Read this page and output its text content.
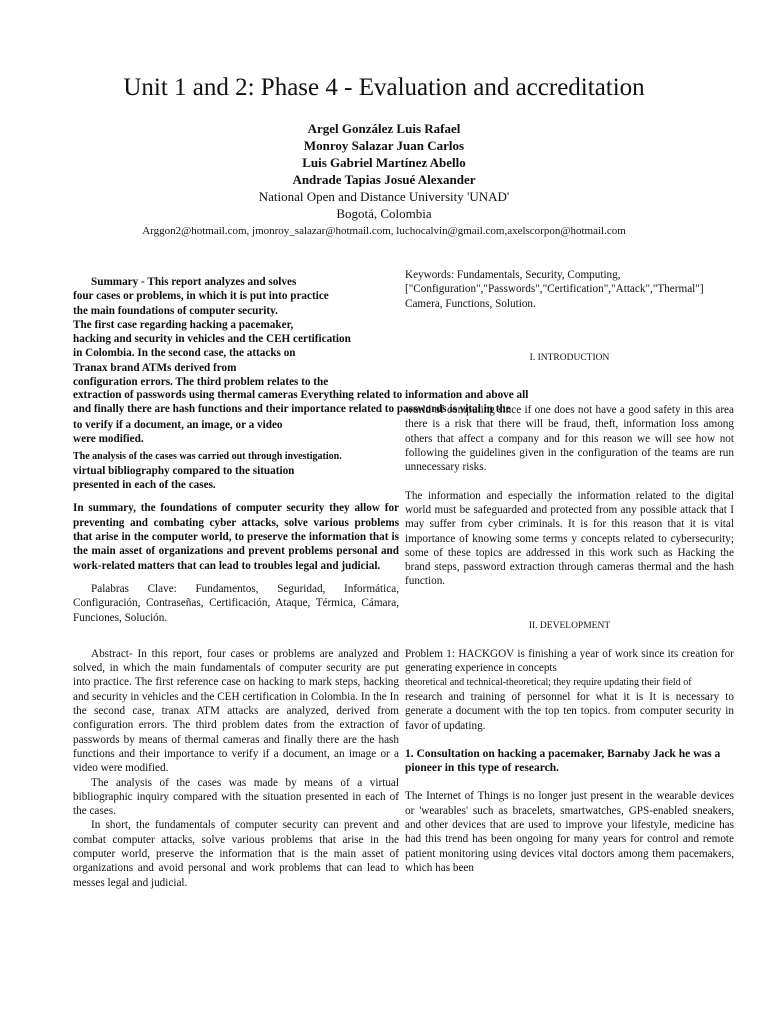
Unit 1 and 2: Phase 4 - Evaluation and accreditation
Argel González Luis Rafael
Monroy Salazar Juan Carlos
Luis Gabriel Martínez Abello
Andrade Tapias Josué Alexander
National Open and Distance University 'UNAD'
Bogotá, Colombia
Arggon2@hotmail.com, jmonroy_salazar@hotmail.com, luchocalvin@gmail.com,axelscorpon@hotmail.com
Summary - This report analyzes and solves
four cases or problems, in which it is put into practice
the main foundations of computer security.
The first case regarding hacking a pacemaker,
hacking and security in vehicles and the CEH certification
in Colombia. In the second case, the attacks on
Tranax brand ATMs derived from
configuration errors. The third problem relates to the
to verify if a document, an image, or a video
were modified.
The analysis of the cases was carried out through investigation.
virtual bibliography compared to the situation
presented in each of the cases.

In summary, the foundations of computer security they allow for preventing and combating cyber attacks, solve various problems that arise in the computer world, to preserve the information that is the main asset of organizations and prevent problems personal and work-related matters that can lead to troubles legal and judicial.

Palabras Clave: Fundamentos, Seguridad, Informática, Configuración, Contraseñas, Certificación, Ataque, Térmica, Cámara, Funciones, Solución.

Abstract- In this report, four cases or problems are analyzed and solved, in which the main fundamentals of computer security are put into practice. The first reference case on hacking to mark steps, hacking and security in vehicles and the CEH certification in Colombia. In the In the second case, tranax ATM attacks are analyzed, derived from configuration errors. The third problem dates from the extraction of passwords by means of thermal cameras and finally there are the hash functions and their importance to verify if a document, an image or a video were modified.

The analysis of the cases was made by means of a virtual bibliographic inquiry compared with the situation presented in each of the cases.

In short, the fundamentals of computer security can prevent and combat computer attacks, solve various problems that arise in the computer world, preserve the information that is the main asset of organizations and avoid personal and work problems that can lead to messes legal and judicial.

extraction of passwords using thermal cameras Everything related to information and above all
and finally there are hash functions and their importance related to passwords is vital in the

Keywords: Fundamentals, Security, Computing, ["Configuration","Passwords","Certification","Attack","Thermal"] Camera, Functions, Solution.

I. INTRODUCTION

world of computing since if one does not have a good safety in this area there is a risk that there will be fraud, theft, information loss among others that affect a company and for this reason we will see how not following the guidelines given in the configuration of the teams are run unnecessary risks.

The information and especially the information related to the digital world must be safeguarded and protected from any possible attack that I may suffer from cyber criminals. It is for this reason that it is vital importance of knowing some terms y concepts related to cybersecurity; some of these topics are addressed in this work such as Hacking the brand steps, password extraction through cameras thermal and the hash function.

II. DEVELOPMENT

Problem 1: HACKGOV is finishing a year of work since its creation for generating experience in concepts

theoretical and technical-theoretical; they require updating their field of

research and training of personnel for what it is It is necessary to generate a document with the top ten topics. from computer security in favor of updating.

1. Consultation on hacking a pacemaker, Barnaby Jack he was a pioneer in this type of research.

The Internet of Things is no longer just present in the wearable devices or 'wearables' such as bracelets, smartwatches, GPS-enabled sneakers, and other devices that are used to improve your lifestyle, medicine has had this trend has been ongoing for many years for control and remote patient monitoring using devices vital doctors among them pacemakers, which has been
